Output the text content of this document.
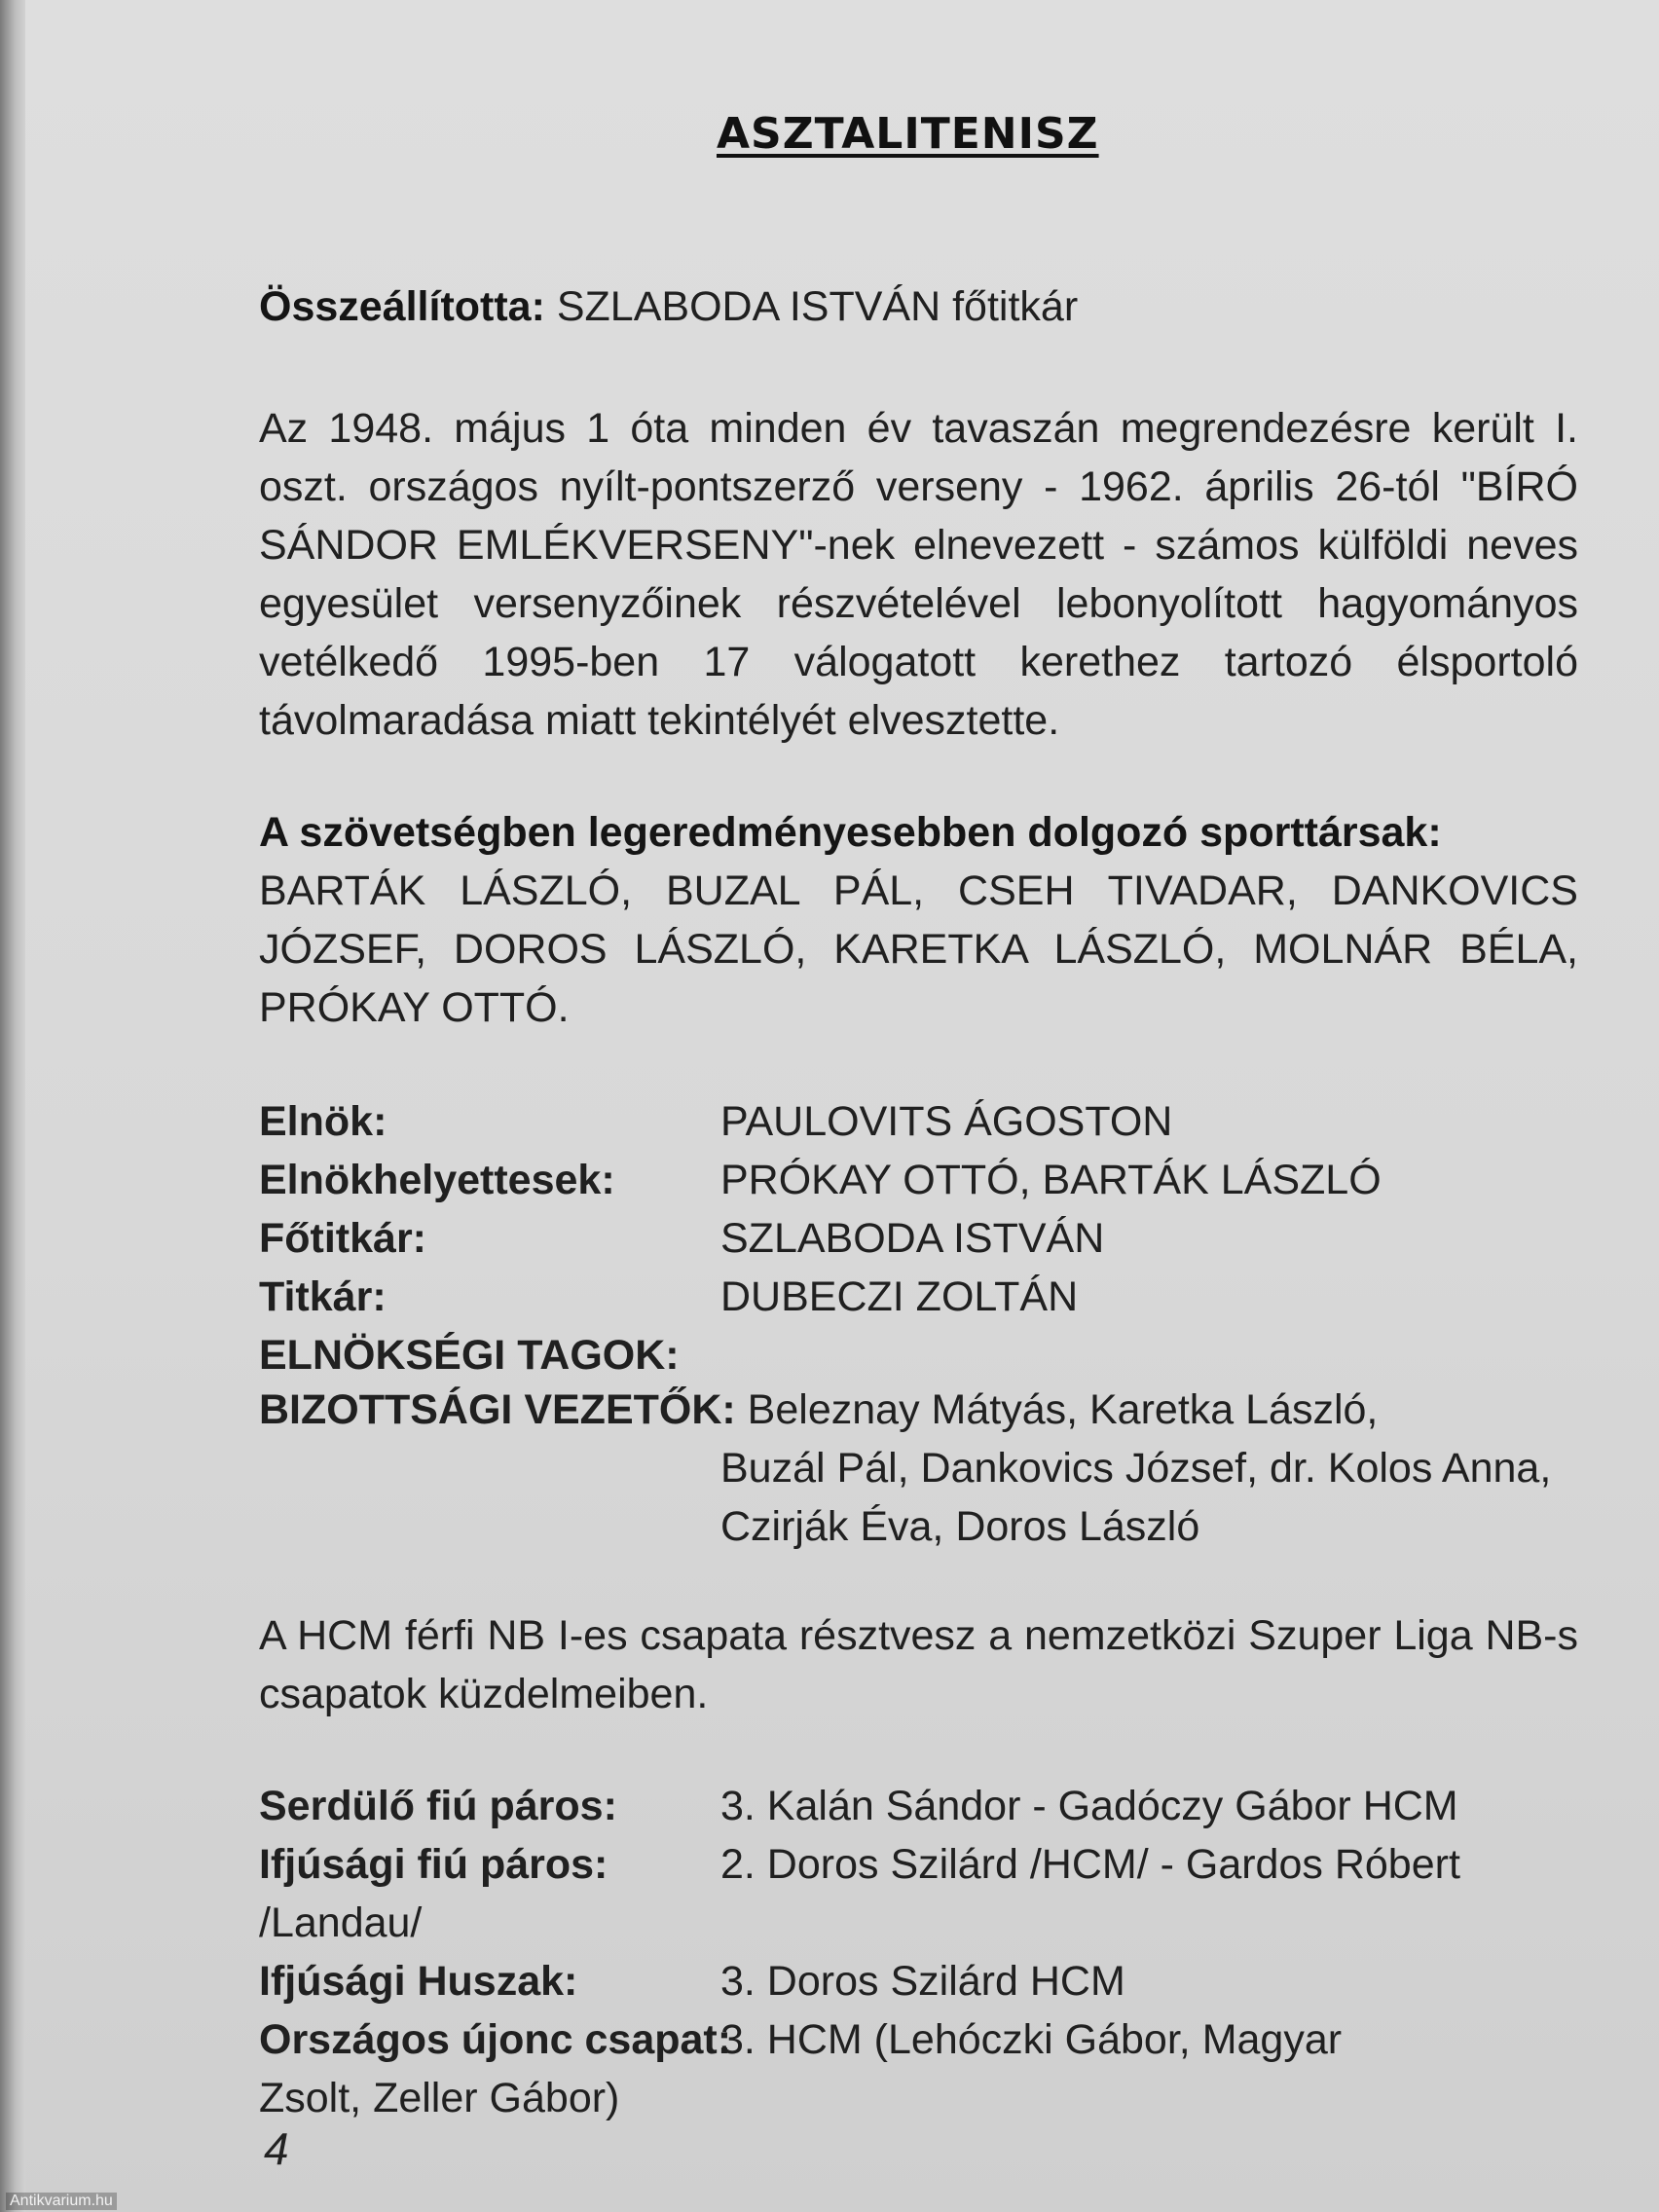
ASZTALITENISZ
Összeállította: SZLABODA ISTVÁN főtitkár
Az 1948. május 1 óta minden év tavaszán megrendezésre került I. oszt. országos nyílt-pontszerző verseny - 1962. április 26-tól "BÍRÓ SÁNDOR EMLÉKVERSENY"-nek elnevezett - számos külföldi neves egyesület versenyzőinek részvételével lebonyolított hagyományos vetélkedő 1995-ben 17 válogatott kerethez tartozó élsportoló távolmaradása miatt tekintélyét elvesztette.
A szövetségben legeredményesebben dolgozó sporttársak:
BARTÁK LÁSZLÓ, BUZAL PÁL, CSEH TIVADAR, DANKOVICS JÓZSEF, DOROS LÁSZLÓ, KARETKA LÁSZLÓ, MOLNÁR BÉLA, PRÓKAY OTTÓ.
Elnök:	PAULOVITS ÁGOSTON
Elnökhelyettesek:	PRÓKAY OTTÓ, BARTÁK LÁSZLÓ
Főtitkár:	SZLABODA ISTVÁN
Titkár:	DUBECZI ZOLTÁN
ELNÖKSÉGI TAGOK:
BIZOTTSÁGI VEZETŐK: Beleznay Mátyás, Karetka László,
Buzál Pál, Dankovics József, dr. Kolos Anna, Czirják Éva, Doros László
A HCM férfi NB I-es csapata résztvesz a nemzetközi Szuper Liga NB-s csapatok küzdelmeiben.
Serdülő fiú páros: 3. Kalán Sándor - Gadóczy Gábor HCM
Ifjúsági fiú páros:	2. Doros Szilárd /HCM/ - Gardos Róbert
/Landau/
Ifjúsági Huszak:	3. Doros Szilárd HCM
Országos újonc csapat:
3. HCM (Lehóczki Gábor, Magyar
Zsolt, Zeller Gábor)
4
Antikvarium.hu
